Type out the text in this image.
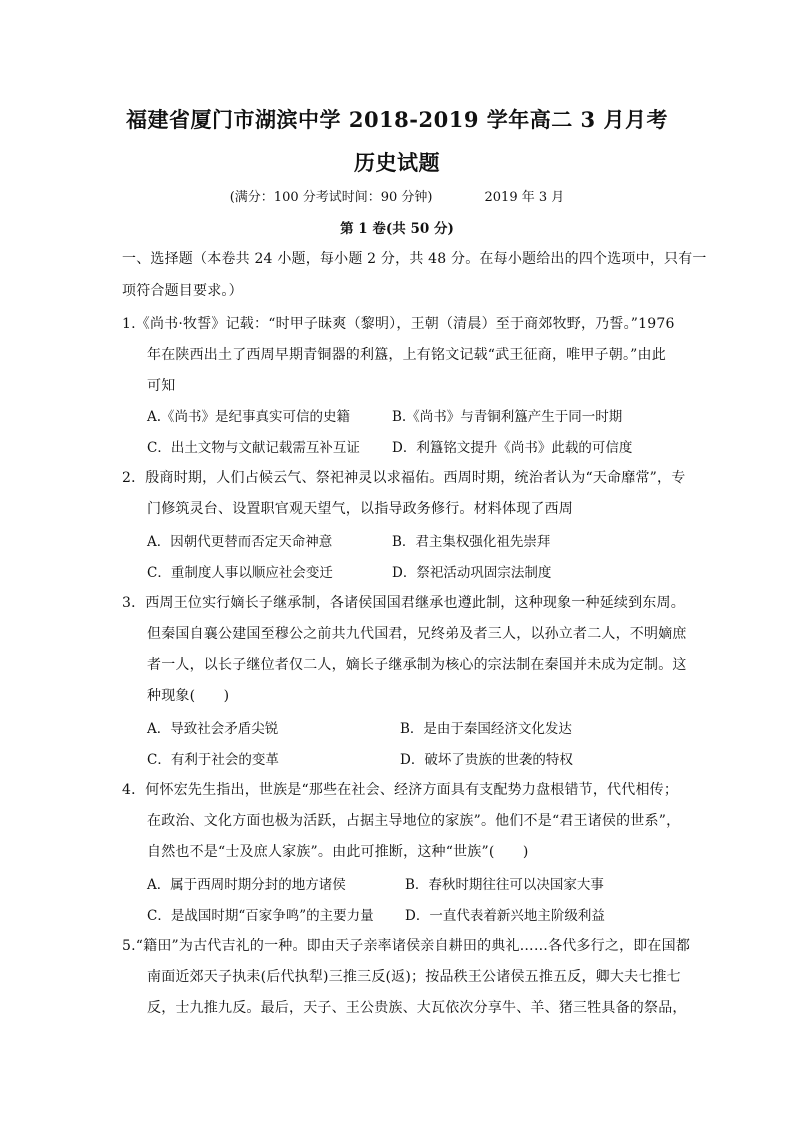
福建省厦门市湖滨中学 2018-2019 学年高二 3 月月考
历史试题
(满分：100 分考试时间：90 分钟)	2019 年 3 月
第 1 卷(共 50 分)
一、选择题（本卷共 24 小题，每小题 2 分，共 48 分。在每小题给出的四个选项中，只有一
项符合题目要求。）
1.《尚书·牧誓》记载：“时甲子昧爽（黎明），王朝（清晨）至于商郊牧野，乃誓。”1976
年在陕西出土了西周早期青铜器的利簋，上有铭文记载“武王征商，唯甲子朝。”由此
可知
A.《尚书》是纪事真实可信的史籍	B.《尚书》与青铜利簋产生于同一时期
C．出土文物与文献记载需互补互证 D．利簋铭文提升《尚书》此载的可信度
2．殷商时期，人们占候云气、祭祀神灵以求福佑。西周时期，统治者认为“天命靡常”，专
门修筑灵台、设置职官观天望气，以指导政务修行。材料体现了西周
A．因朝代更替而否定天命神意	B．君主集权强化祖先崇拜
C．重制度人事以顺应社会变迁	D．祭祀活动巩固宗法制度
3．西周王位实行嫡长子继承制，各诸侯国国君继承也遵此制，这种现象一种延续到东周。
但秦国自襄公建国至穆公之前共九代国君，兄终弟及者三人，以孙立者二人，不明嫡庶
者一人，以长子继位者仅二人，嫡长子继承制为核心的宗法制在秦国并未成为定制。这
种现象(　　)
A．导致社会矛盾尖锐	B．是由于秦国经济文化发达
C．有利于社会的变革	D．破坏了贵族的世袭的特权
4．何怀宏先生指出，世族是“那些在社会、经济方面具有支配势力盘根错节，代代相传；
在政治、文化方面也极为活跃，占据主导地位的家族”。他们不是“君王诸侯的世系”，
自然也不是“士及庶人家族”。由此可推断，这种“世族”(　　)
A．属于西周时期分封的地方诸侯	B．春秋时期往往可以决国家大事
C．是战国时期“百家争鸣”的主要力量 D．一直代表着新兴地主阶级利益
5.“籍田”为古代吉礼的一种。即由天子亲率诸侯亲自耕田的典礼……各代多行之，即在国都
南面近郊天子执耒(后代执犁)三推三反(返)；按品秩王公诸侯五推五反，卿大夫七推七
反，士九推九反。最后，天子、王公贵族、大瓦依次分享牛、羊、猪三牲具备的祭品，
